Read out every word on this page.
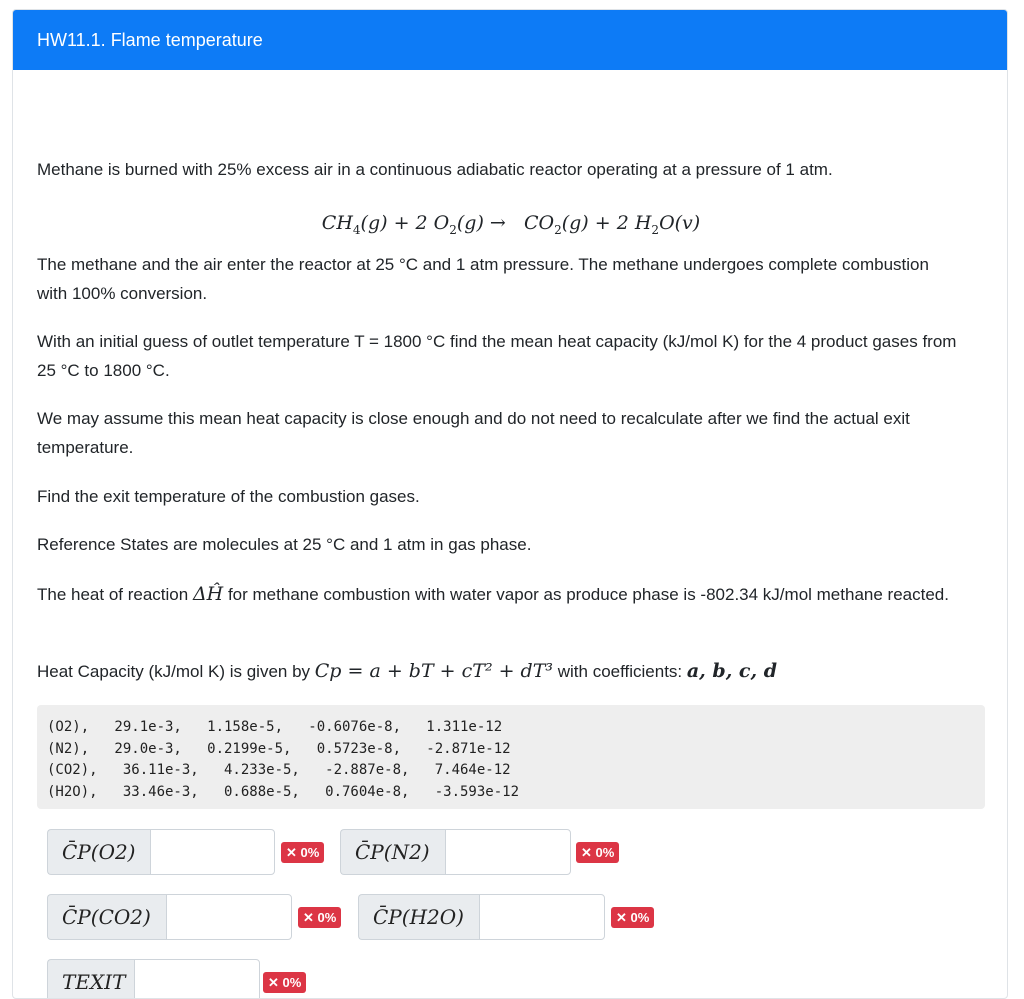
HW11.1. Flame temperature

Methane is burned with 25% excess air in a continuous adiabatic reactor operating at a pressure of 1 atm.

$CH_4(g) + 2$ $O_2(g) \to CO_2(g) + 2$ $H_2O(v)$

The methane and the air enter the reactor at 25 °C and 1 atm pressure. The methane undergoes complete combustion with 100% conversion.

With an initial guess of outlet temperature T = 1800 °C find the mean heat capacity (kJ/mol K) for the 4 product gases from 25 °C to 1800 °C.

We may assume this mean heat capacity is close enough and do not need to recalculate after we find the actual exit temperature.

Find the exit temperature of the combustion gases.

Reference States are molecules at 25 °C and 1 atm in gas phase.

The heat of reaction ΔĤ for methane combustion with water vapor as produce phase is -802.34 kJ/mol methane reacted.

Heat Capacity (kJ/mol K) is given by Cp = a + bT + cT² + dT³ with coefficients: a, b, c, d

(O2),   29.1e-3,   1.158e-5,   -0.6076e-8,   1.311e-12
(N2),   29.0e-3,   0.2199e-5,   0.5723e-8,   -2.871e-12
(CO2),   36.11e-3,   4.233e-5,   -2.887e-8,   7.464e-12
(H2O),   33.46e-3,   0.688e-5,   0.7604e-8,   -3.593e-12
C̄P(O2)	✕ 0%	C̄P(N2)	✕ 0%
C̄P(CO2)	✕ 0%	C̄P(H2O)	✕ 0%
TEXIT	✕ 0%
